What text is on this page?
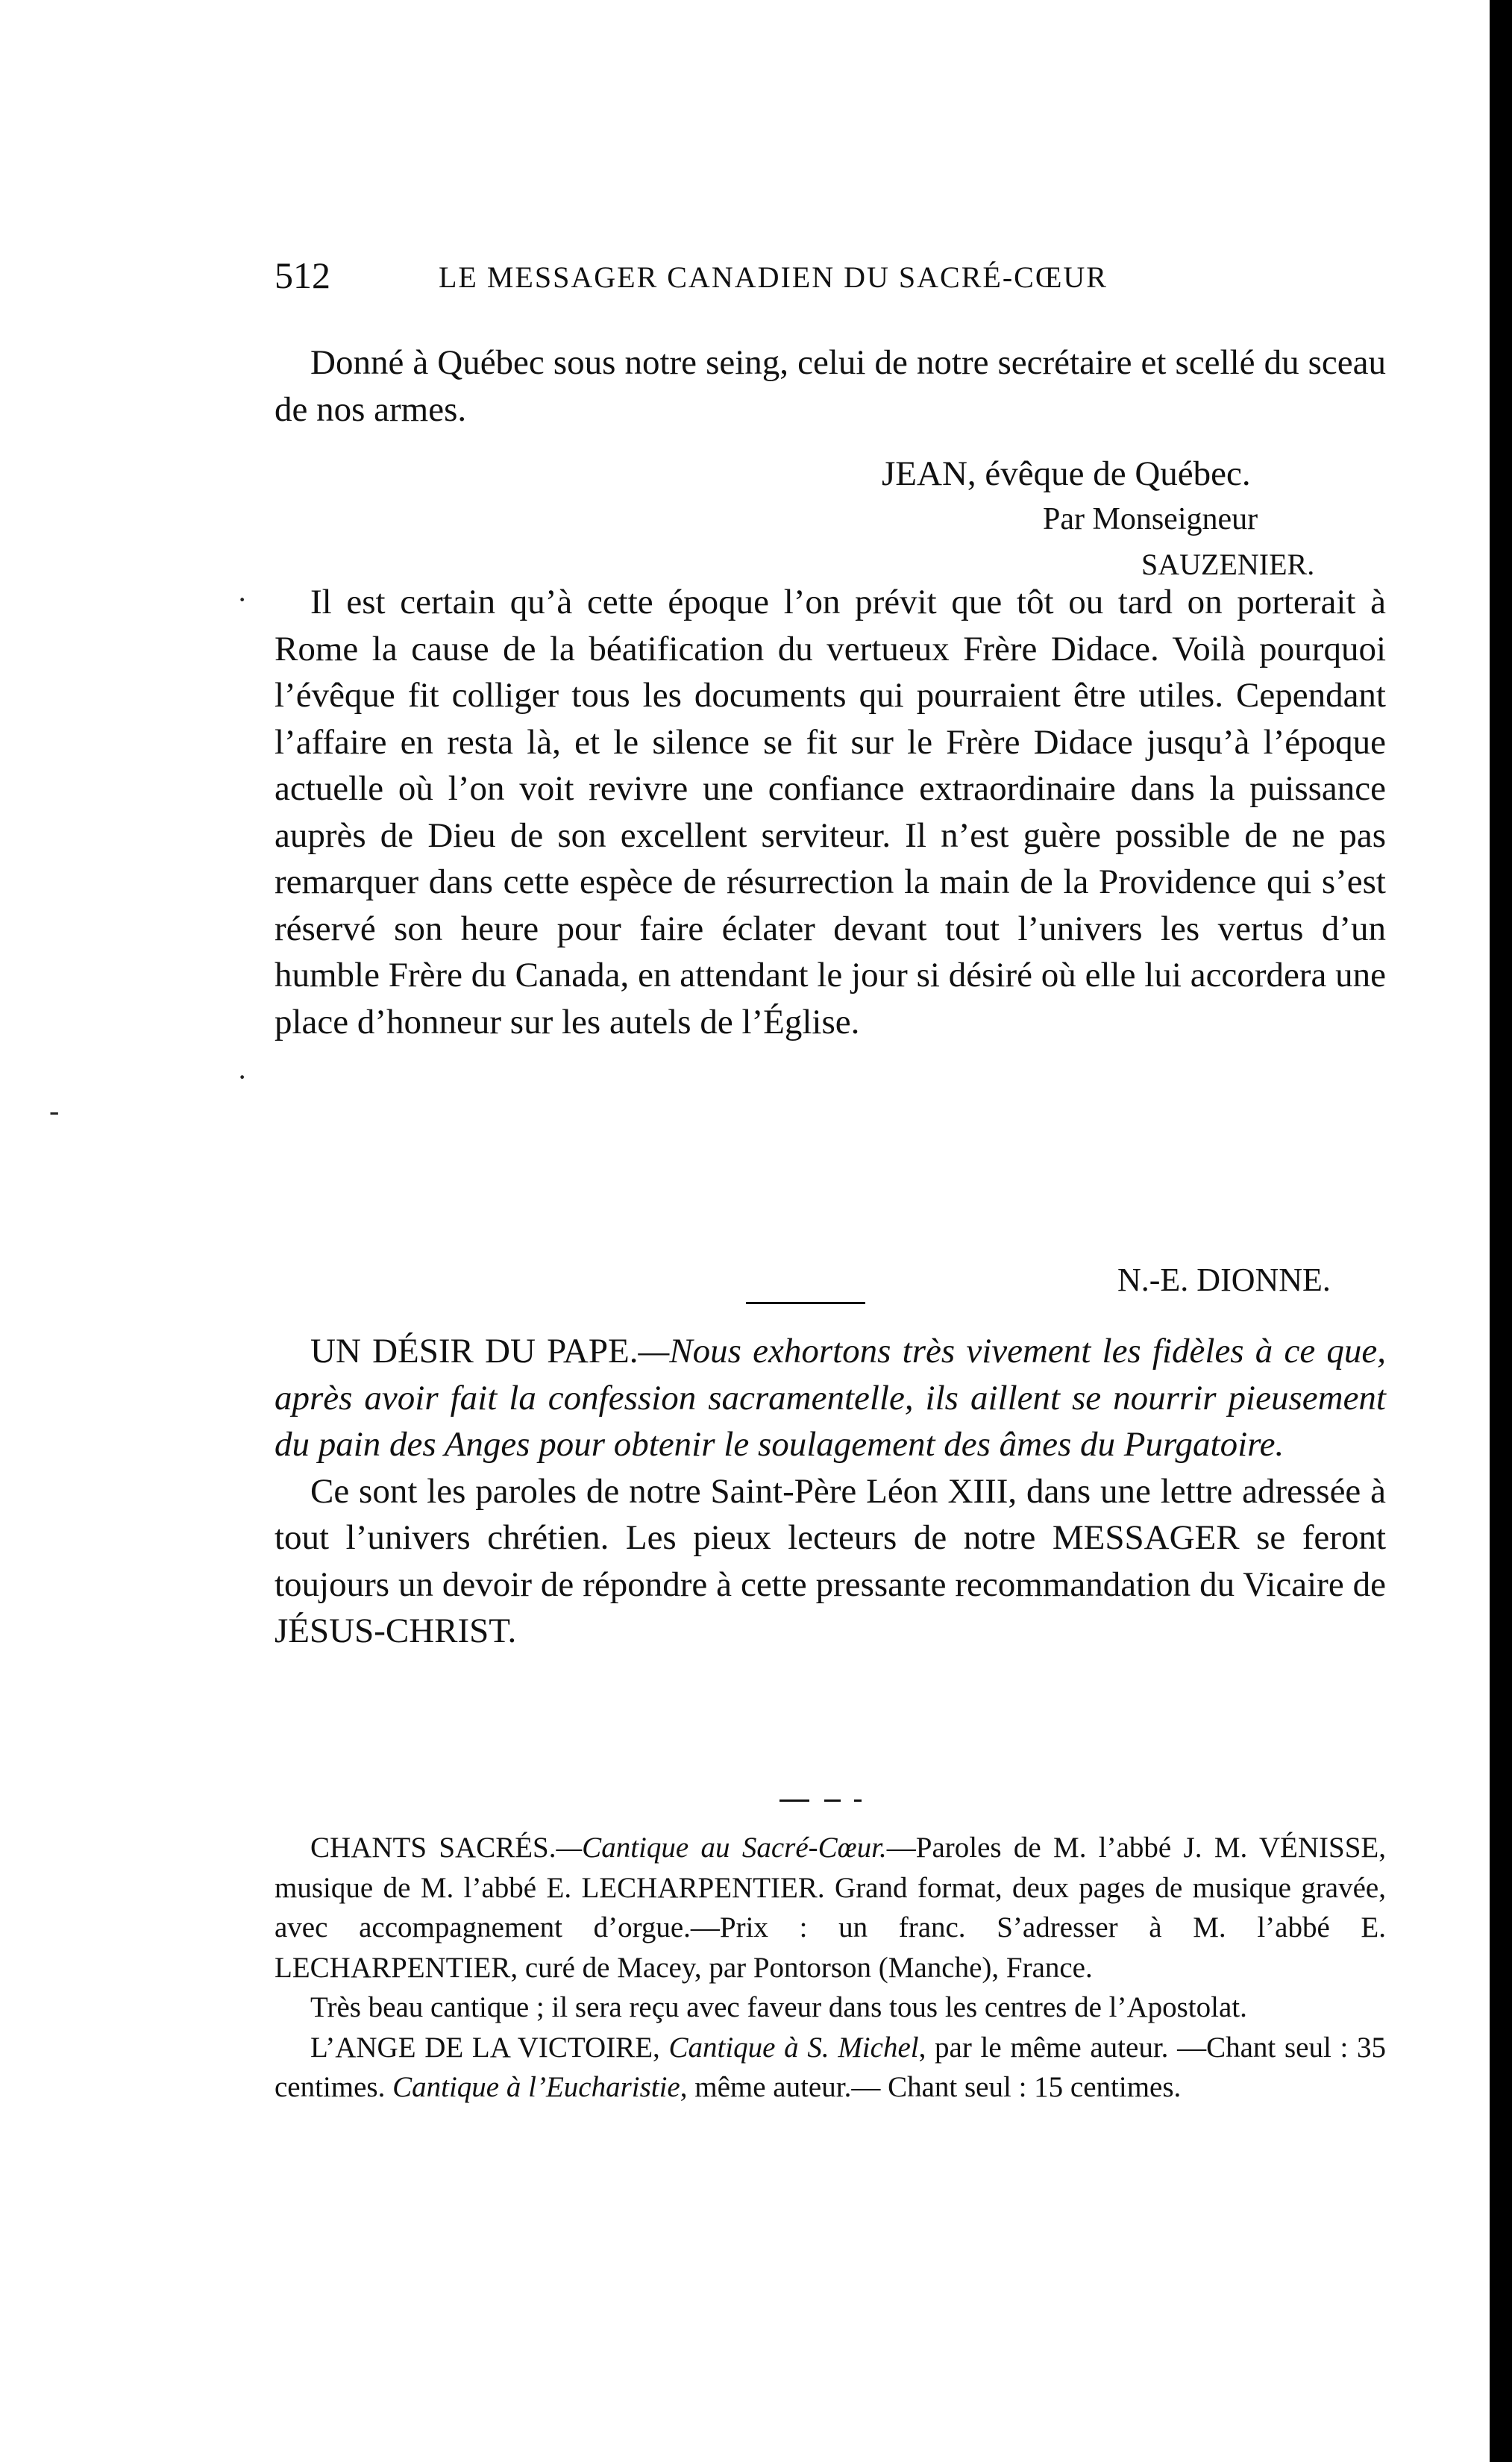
512	LE MESSAGER CANADIEN DU SACRÉ-CŒUR

Donné à Québec sous notre seing, celui de notre secrétaire et scellé du sceau de nos armes.

JEAN, évêque de Québec.
Par Monseigneur
SAUZENIER.

Il est certain qu’à cette époque l’on prévit que tôt ou tard on porterait à Rome la cause de la béatification du vertueux Frère Didace. Voilà pourquoi l’évêque fit colliger tous les documents qui pourraient être utiles. Cependant l’affaire en resta là, et le silence se fit sur le Frère Didace jusqu’à l’époque actuelle où l’on voit revivre une confiance extraordinaire dans la puissance auprès de Dieu de son excellent serviteur. Il n’est guère possible de ne pas remarquer dans cette espèce de résurrection la main de la Providence qui s’est réservé son heure pour faire éclater devant tout l’univers les vertus d’un humble Frère du Canada, en attendant le jour si désiré où elle lui accordera une place d’honneur sur les autels de l’Église.

N.-E. DIONNE.

UN DÉSIR DU PAPE.—Nous exhortons très vivement les fidèles à ce que, après avoir fait la confession sacramentelle, ils aillent se nourrir pieusement du pain des Anges pour obtenir le soulagement des âmes du Purgatoire.

Ce sont les paroles de notre Saint-Père Léon XIII, dans une lettre adressée à tout l’univers chrétien. Les pieux lecteurs de notre MESSAGER se feront toujours un devoir de répondre à cette pressante recommandation du Vicaire de JÉSUS-CHRIST.

CHANTS SACRÉS.—Cantique au Sacré-Cœur.—Paroles de M. l’abbé J. M. VÉNISSE, musique de M. l’abbé E. LECHARPENTIER. Grand format, deux pages de musique gravée, avec accompagnement d’orgue.—Prix : un franc. S’adresser à M. l’abbé E. LECHARPENTIER, curé de Macey, par Pontorson (Manche), France.

Très beau cantique ; il sera reçu avec faveur dans tous les centres de l’Apostolat.

L’ANGE DE LA VICTOIRE, Cantique à S. Michel, par le même auteur. —Chant seul : 35 centimes. Cantique à l’Eucharistie, même auteur.— Chant seul : 15 centimes.

·
·
-
